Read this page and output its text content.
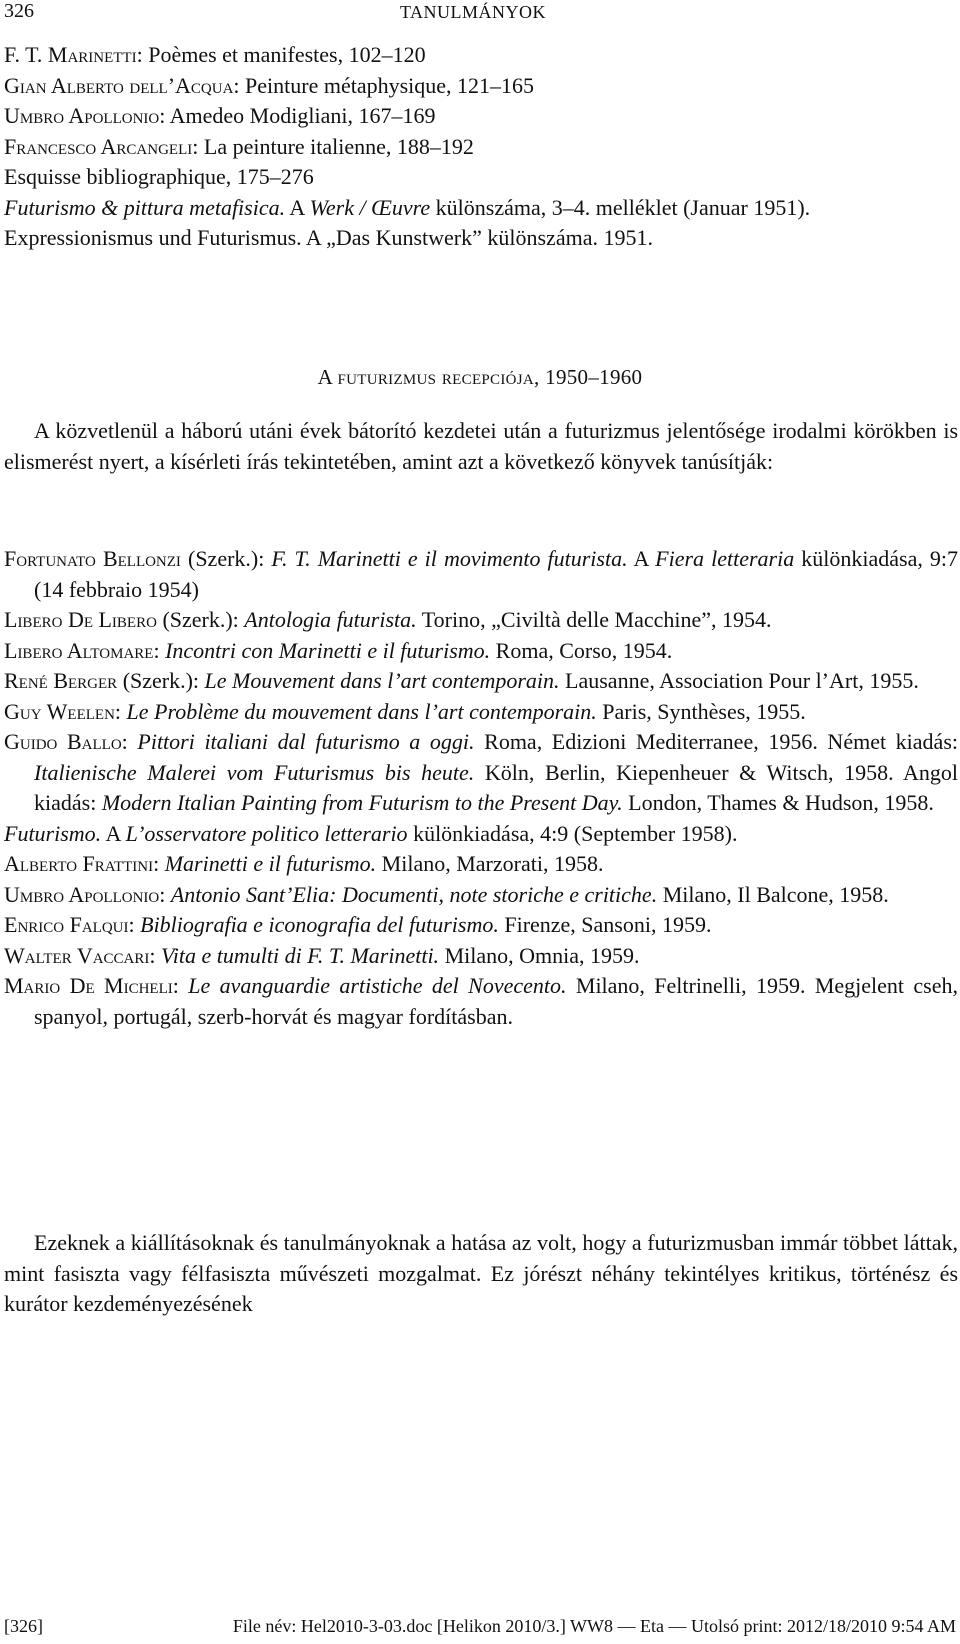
326	TANULMÁNYOK

F. T. Marinetti: Poèmes et manifestes, 102–120

Gian Alberto dell’Acqua: Peinture métaphysique, 121–165

Umbro Apollonio: Amedeo Modigliani, 167–169

Francesco Arcangeli: La peinture italienne, 188–192

Esquisse bibliographique, 175–276

Futurismo & pittura metafisica. A Werk / Œuvre különszáma, 3–4. melléklet (Januar 1951).

Expressionismus und Futurismus. A „Das Kunstwerk” különszáma. 1951.

A futurizmus recepciója, 1950–1960

A közvetlenül a háború utáni évek bátorító kezdetei után a futurizmus jelentősége irodalmi körökben is elismerést nyert, a kísérleti írás tekintetében, amint azt a következő könyvek tanúsítják:

Fortunato Bellonzi (Szerk.): F. T. Marinetti e il movimento futurista. A Fiera letteraria különkiadása, 9:7 (14 febbraio 1954)

Libero De Libero (Szerk.): Antologia futurista. Torino, „Civiltà delle Macchine”, 1954.

Libero Altomare: Incontri con Marinetti e il futurismo. Roma, Corso, 1954.

René Berger (Szerk.): Le Mouvement dans l’art contemporain. Lausanne, Association Pour l’Art, 1955.

Guy Weelen: Le Problème du mouvement dans l’art contemporain. Paris, Synthèses, 1955.

Guido Ballo: Pittori italiani dal futurismo a oggi. Roma, Edizioni Mediterranee, 1956. Német kiadás: Italienische Malerei vom Futurismus bis heute. Köln, Berlin, Kiepenheuer & Witsch, 1958. Angol kiadás: Modern Italian Painting from Futurism to the Present Day. London, Thames & Hudson, 1958.

Futurismo. A L’osservatore politico letterario különkiadása, 4:9 (September 1958).

Alberto Frattini: Marinetti e il futurismo. Milano, Marzorati, 1958.

Umbro Apollonio: Antonio Sant’Elia: Documenti, note storiche e critiche. Milano, Il Balcone, 1958.

Enrico Falqui: Bibliografia e iconografia del futurismo. Firenze, Sansoni, 1959.

Walter Vaccari: Vita e tumulti di F. T. Marinetti. Milano, Omnia, 1959.

Mario De Micheli: Le avanguardie artistiche del Novecento. Milano, Feltrinelli, 1959. Megjelent cseh, spanyol, portugál, szerb-horvát és magyar fordításban.

Ezeknek a kiállításoknak és tanulmányoknak a hatása az volt, hogy a futurizmusban immár többet láttak, mint fasiszta vagy félfasiszta művészeti mozgalmat. Ez jórészt néhány tekintélyes kritikus, történész és kurátor kezdeményezésének

[326]	File név: Hel2010-3-03.doc [Helikon 2010/3.] WW8 — Eta — Utolsó print: 2012/18/2010 9:54 AM
